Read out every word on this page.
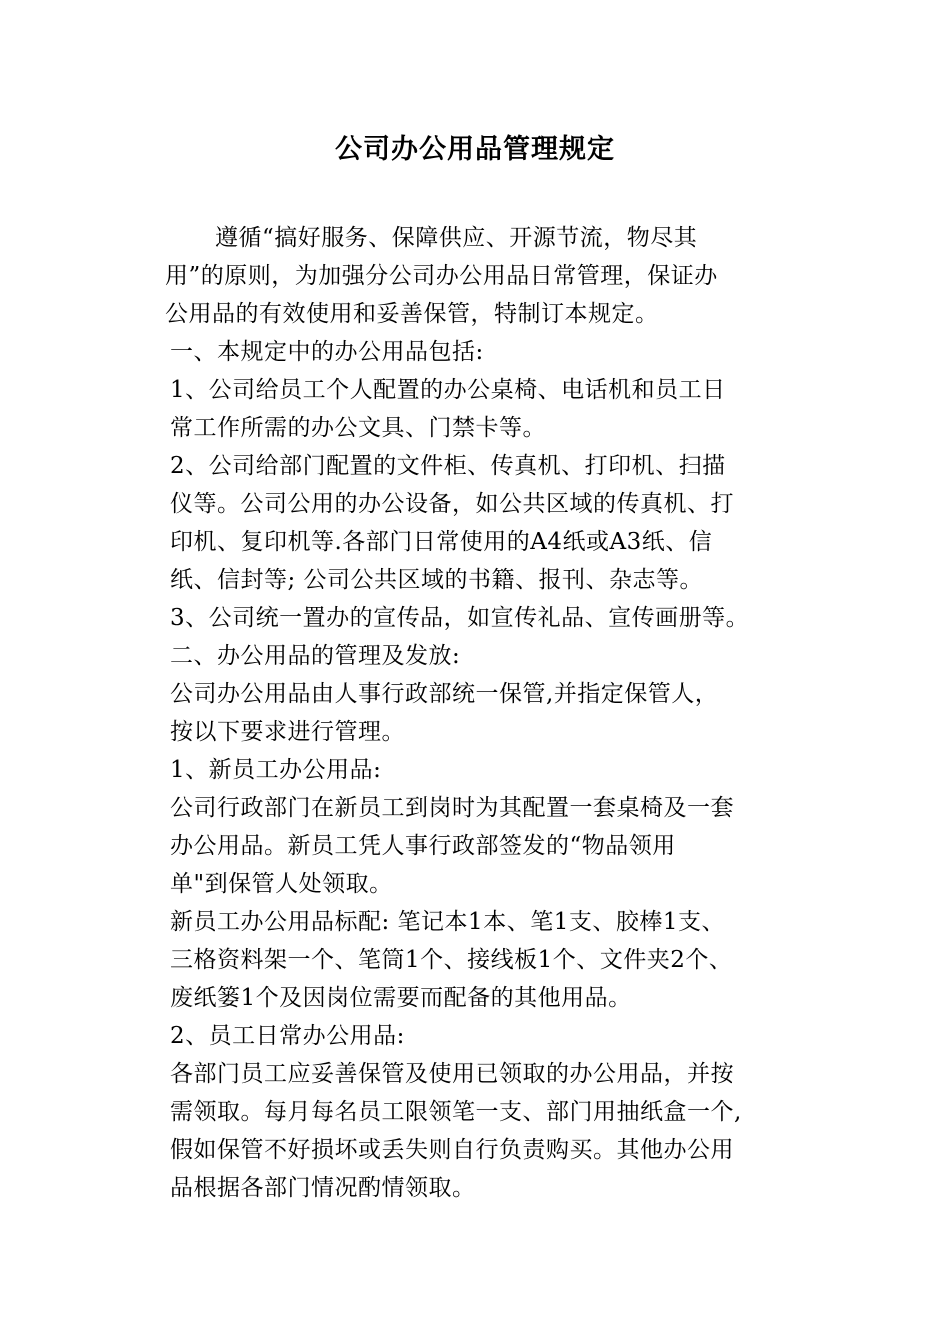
公司办公用品管理规定
遵循“搞好服务、保障供应、开源节流，物尽其
用”的原则，为加强分公司办公用品日常管理，保证办
公用品的有效使用和妥善保管，特制订本规定。
一、本规定中的办公用品包括:
1、公司给员工个人配置的办公桌椅、电话机和员工日
常工作所需的办公文具、门禁卡等。
2、公司给部门配置的文件柜、传真机、打印机、扫描
仪等。公司公用的办公设备，如公共区域的传真机、打
印机、复印机等.各部门日常使用的A4纸或A3纸、信
纸、信封等; 公司公共区域的书籍、报刊、杂志等。
3、公司统一置办的宣传品，如宣传礼品、宣传画册等。
二、办公用品的管理及发放:
公司办公用品由人事行政部统一保管,并指定保管人，
按以下要求进行管理。
1、新员工办公用品:
公司行政部门在新员工到岗时为其配置一套桌椅及一套
办公用品。新员工凭人事行政部签发的“物品领用
单"到保管人处领取。
新员工办公用品标配: 笔记本1本、笔1支、胶棒1支、
三格资料架一个、笔筒1个、接线板1个、文件夹2个、
废纸篓1个及因岗位需要而配备的其他用品。
2、员工日常办公用品:
各部门员工应妥善保管及使用已领取的办公用品，并按
需领取。每月每名员工限领笔一支、部门用抽纸盒一个,
假如保管不好损坏或丢失则自行负责购买。其他办公用
品根据各部门情况酌情领取。
